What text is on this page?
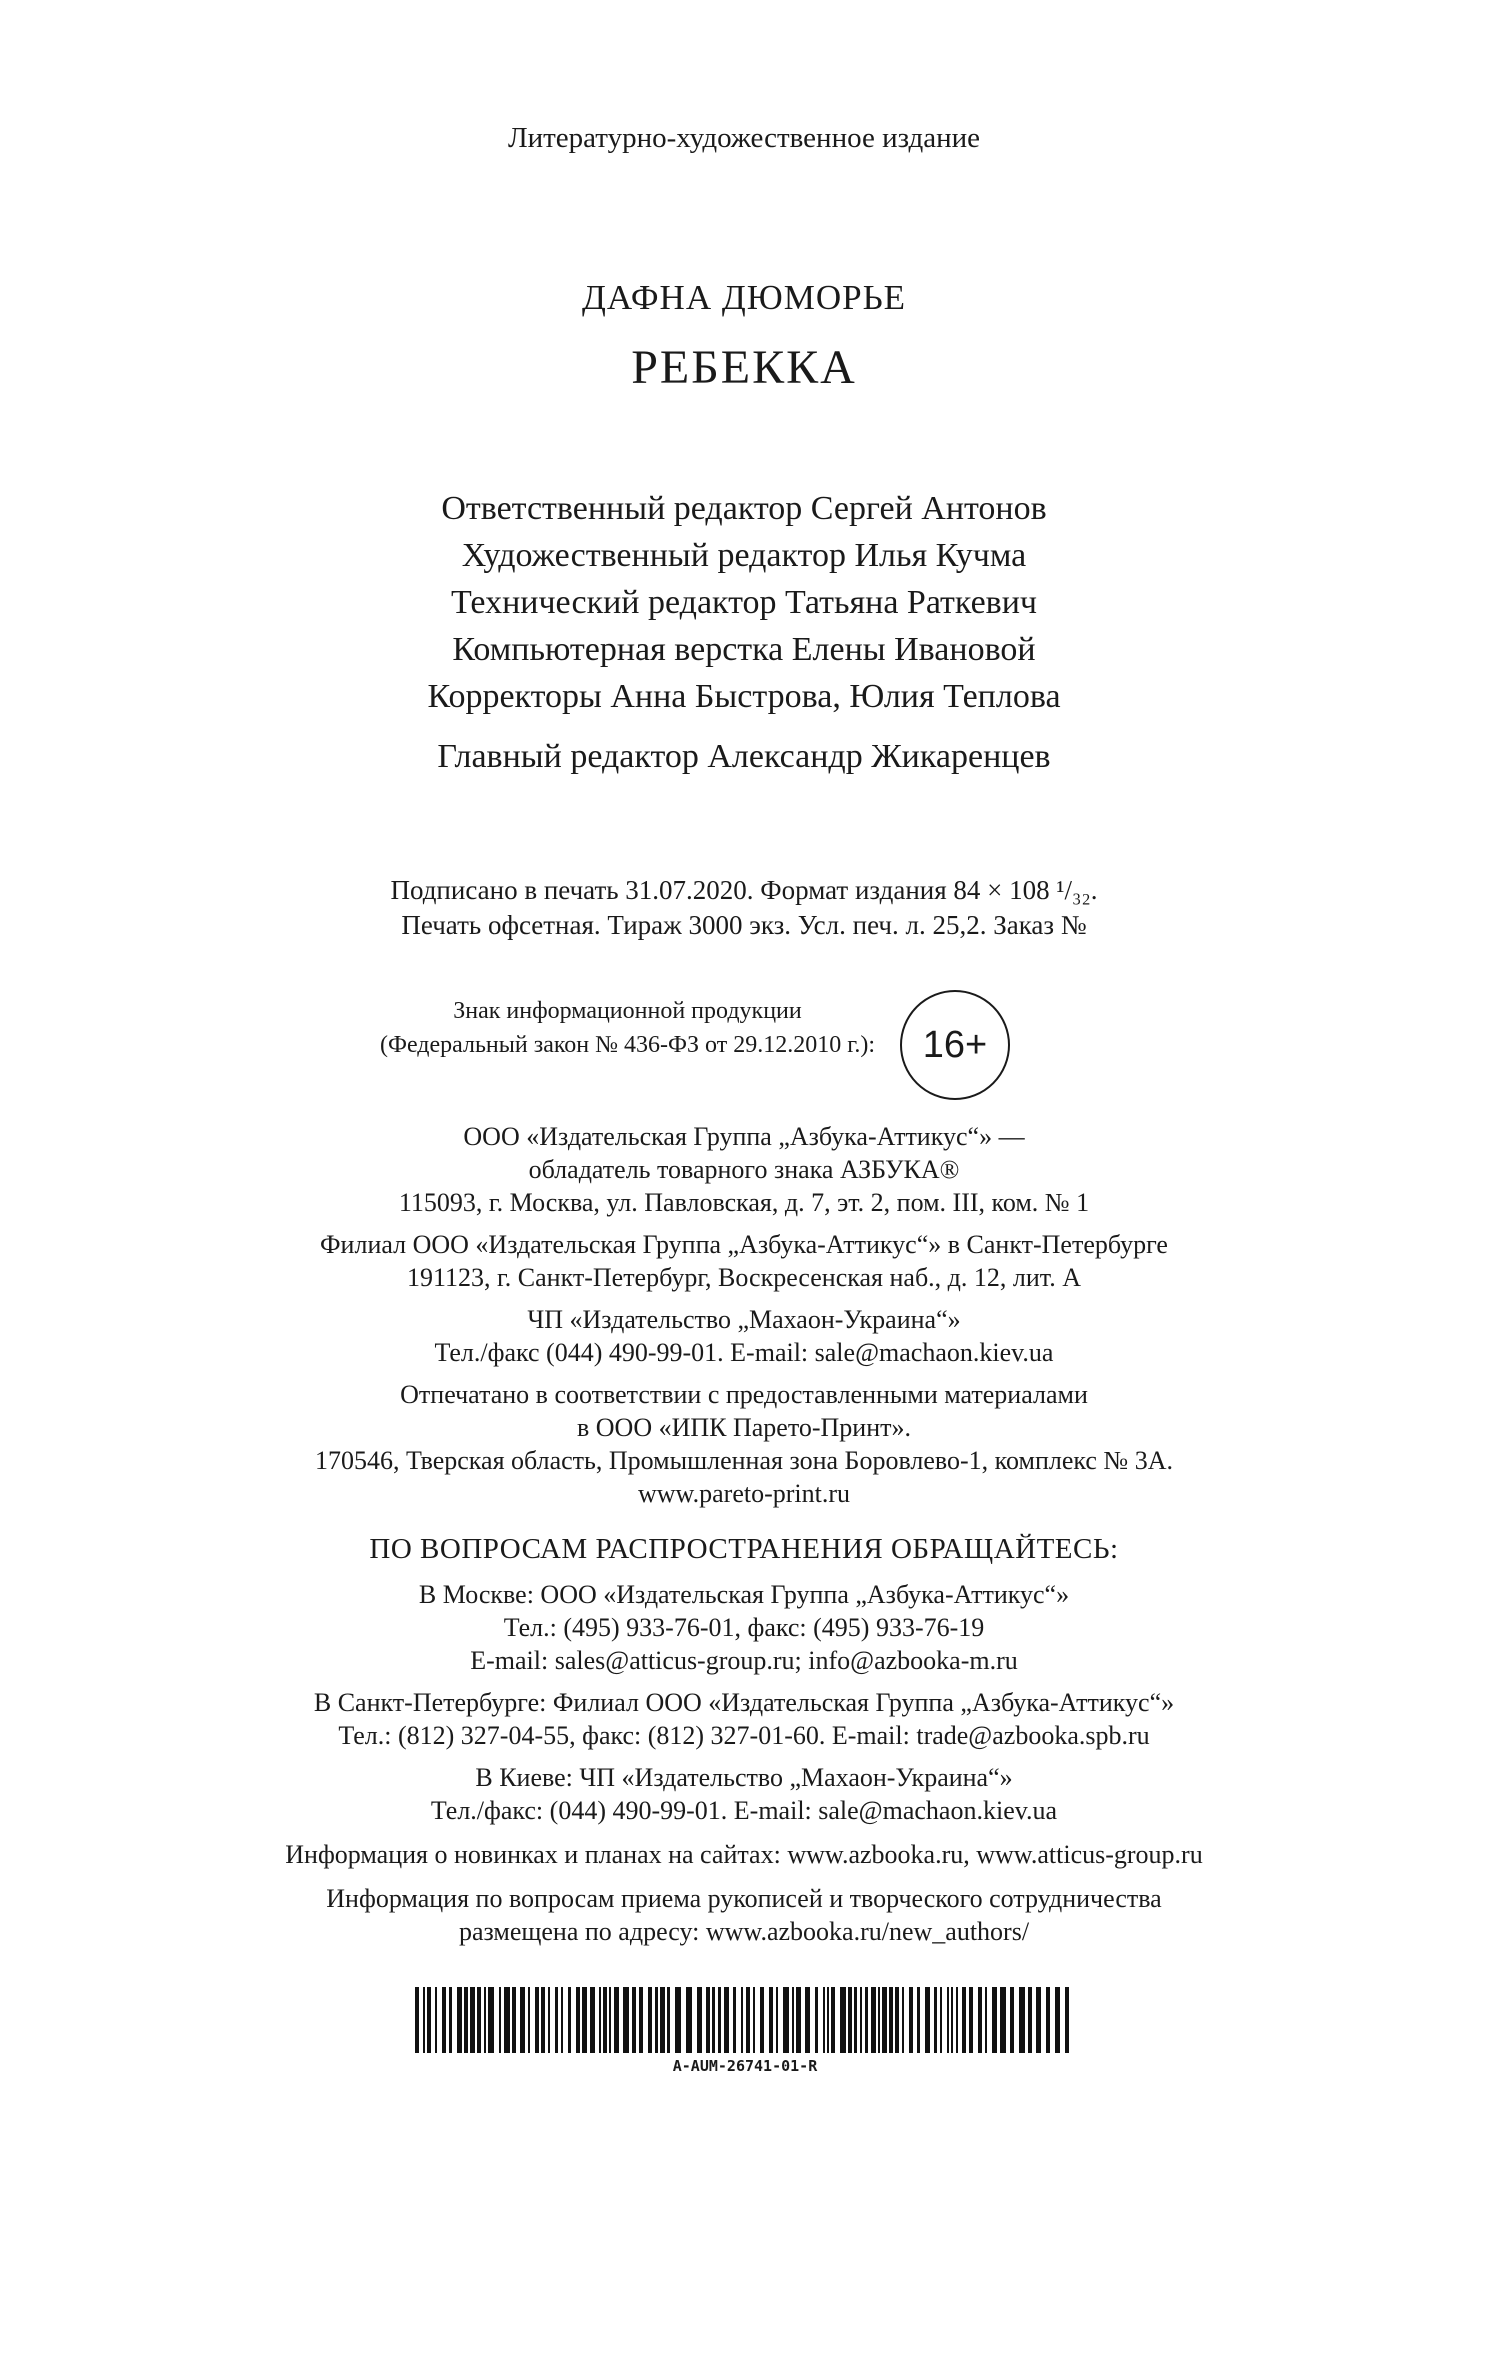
Литературно-художественное издание
ДАФНА ДЮМОРЬЕ
РЕБЕККА
Ответственный редактор Сергей Антонов
Художественный редактор Илья Кучма
Технический редактор Татьяна Раткевич
Компьютерная верстка Елены Ивановой
Корректоры Анна Быстрова, Юлия Теплова
Главный редактор Александр Жикаренцев
Подписано в печать 31.07.2020. Формат издания 84 × 108 ¹/₃₂.
Печать офсетная. Тираж 3000 экз. Усл. печ. л. 25,2. Заказ №
Знак информационной продукции
(Федеральный закон № 436-ФЗ от 29.12.2010 г.):	16+
ООО «Издательская Группа „Азбука-Аттикус“» —
обладатель товарного знака АЗБУКА®
115093, г. Москва, ул. Павловская, д. 7, эт. 2, пом. III, ком. № 1
Филиал ООО «Издательская Группа „Азбука-Аттикус“» в Санкт-Петербурге
191123, г. Санкт-Петербург, Воскресенская наб., д. 12, лит. А
ЧП «Издательство „Махаон-Украина“»
Тел./факс (044) 490-99-01. E-mail: sale@machaon.kiev.ua
Отпечатано в соответствии с предоставленными материалами
в ООО «ИПК Парето-Принт».
170546, Тверская область, Промышленная зона Боровлево-1, комплекс № 3А.
www.pareto-print.ru
ПО ВОПРОСАМ РАСПРОСТРАНЕНИЯ ОБРАЩАЙТЕСЬ:
В Москве: ООО «Издательская Группа „Азбука-Аттикус“»
Тел.: (495) 933-76-01, факс: (495) 933-76-19
E-mail: sales@atticus-group.ru; info@azbooka-m.ru
В Санкт-Петербурге: Филиал ООО «Издательская Группа „Азбука-Аттикус“»
Тел.: (812) 327-04-55, факс: (812) 327-01-60. E-mail: trade@azbooka.spb.ru
В Киеве: ЧП «Издательство „Махаон-Украина“»
Тел./факс: (044) 490-99-01. E-mail: sale@machaon.kiev.ua
Информация о новинках и планах на сайтах: www.azbooka.ru, www.atticus-group.ru
Информация по вопросам приема рукописей и творческого сотрудничества
размещена по адресу: www.azbooka.ru/new_authors/
A-AUM-26741-01-R
